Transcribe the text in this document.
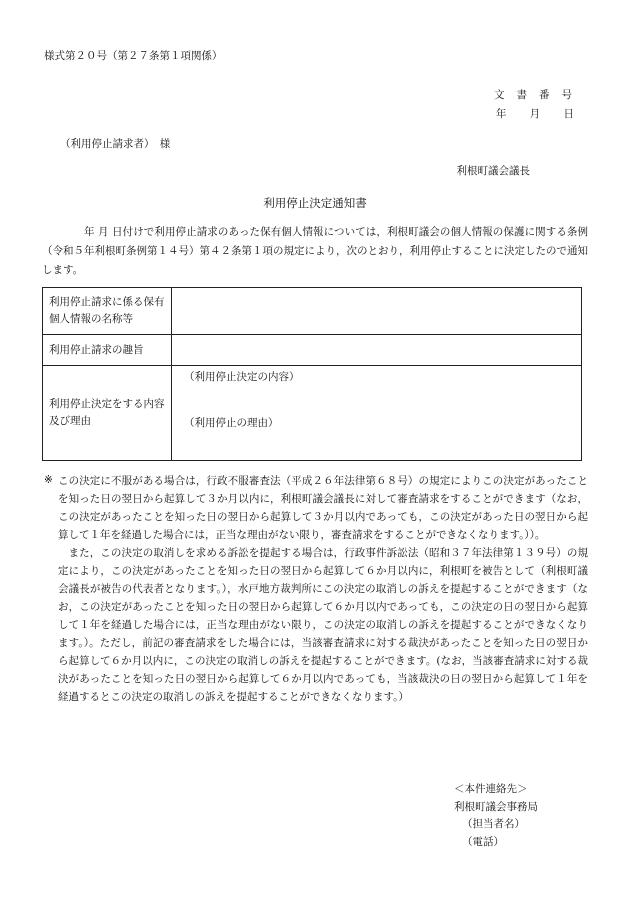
様式第２０号（第２７条第１項関係）

文書番号

年 月 日

（利用停止請求者）　様

利根町議会議長

利用停止決定通知書

年 月 日付けで利用停止請求のあった保有個人情報については，利根町議会の個人情報の保護に関する条例（令和５年利根町条例第１４号）第４２条第１項の規定により，次のとおり，利用停止することに決定したので通知します。

利用停止請求に係る保有個人情報の名称等	
利用停止請求の趣旨	
利用停止決定をする内容及び理由	（利用停止決定の内容）
（利用停止の理由）
※ この決定に不服がある場合は，行政不服審査法（平成２６年法律第６８号）の規定によりこの決定があったことを知った日の翌日から起算して３か月以内に，利根町議会議長に対して審査請求をすることができます（なお，この決定があったことを知った日の翌日から起算して３か月以内であっても，この決定があった日の翌日から起算して１年を経過した場合には，正当な理由がない限り，審査請求をすることができなくなります。））。

また，この決定の取消しを求める訴訟を提起する場合は，行政事件訴訟法（昭和３７年法律第１３９号）の規定により，この決定があったことを知った日の翌日から起算して６か月以内に，利根町を被告として（利根町議会議長が被告の代表者となります。），水戸地方裁判所にこの決定の取消しの訴えを提起することができます（なお，この決定があったことを知った日の翌日から起算して６か月以内であっても，この決定の日の翌日から起算して１年を経過した場合には，正当な理由がない限り，この決定の取消しの訴えを提起することができなくなります。）。ただし，前記の審査請求をした場合には，当該審査請求に対する裁決があったことを知った日の翌日から起算して６か月以内に，この決定の取消しの訴えを提起することができます。(なお，当該審査請求に対する裁決があったことを知った日の翌日から起算して６か月以内であっても，当該裁決の日の翌日から起算して１年を経過するとこの決定の取消しの訴えを提起することができなくなります。）

＜本件連絡先＞
利根町議会事務局
（担当者名）
（電話）
